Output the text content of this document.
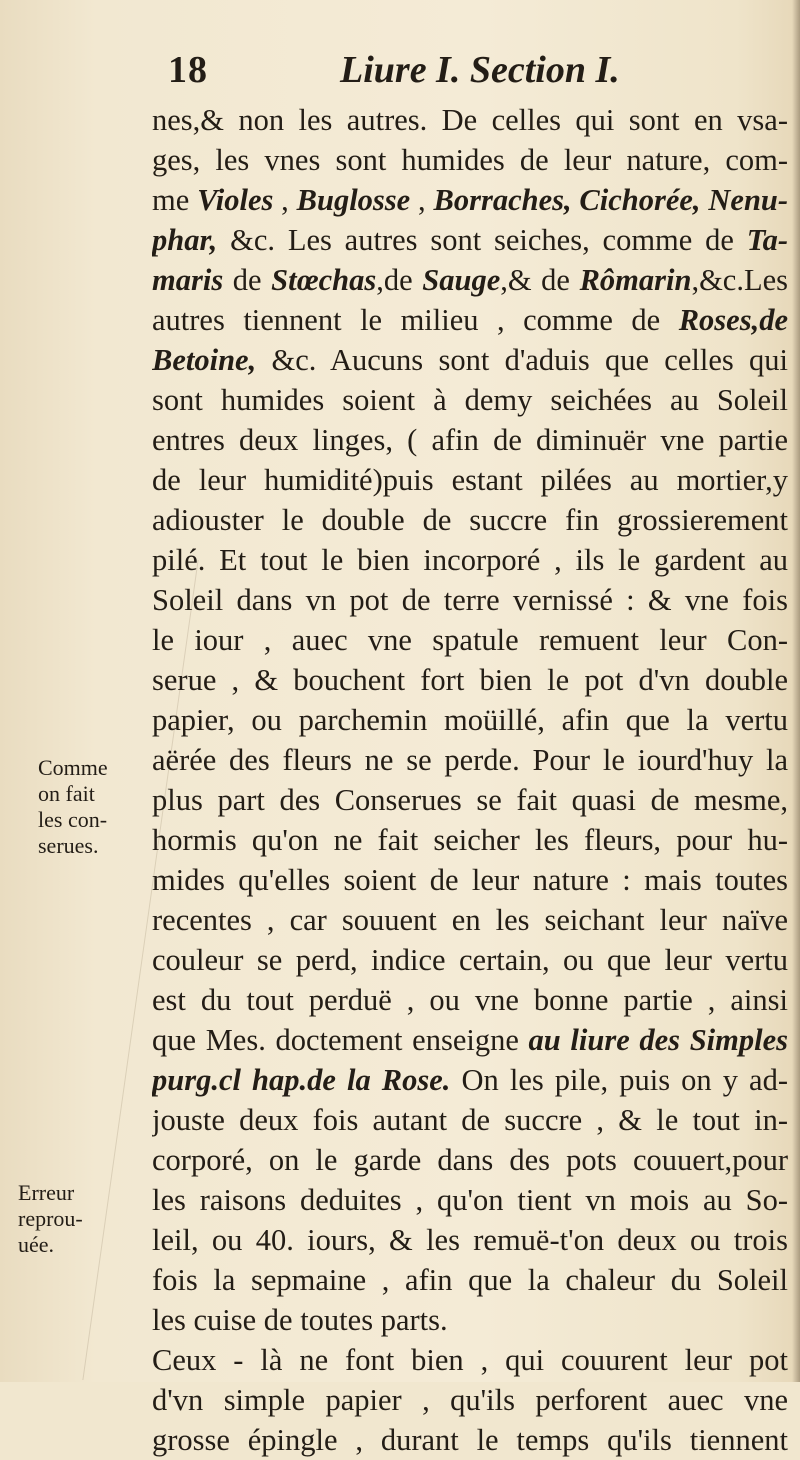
18	Liure I. Section I.
nes,& non les autres. De celles qui sont en vsa-
ges, les vnes sont humides de leur nature, com-
me Violes , Buglosse , Borraches, Cichorée, Nenu-
phar, &c. Les autres sont seiches, comme de Ta-
maris de Stœchas,de Sauge,& de Rômarin,&c.Les
autres tiennent le milieu , comme de Roses,de
Betoine, &c. Aucuns sont d'aduis que celles qui
sont humides soient à demy seichées au Soleil
entres deux linges, ( afin de diminuër vne partie
de leur humidité)puis estant pilées au mortier,y
adiouster le double de succre fin grossierement
pilé. Et tout le bien incorporé , ils le gardent au
Soleil dans vn pot de terre vernissé : & vne fois
le iour , auec vne spatule remuent leur Con-
serue , & bouchent fort bien le pot d'vn double
papier, ou parchemin moüillé, afin que la vertu
aërée des fleurs ne se perde. Pour le iourd'huy la
plus part des Conserues se fait quasi de mesme,
hormis qu'on ne fait seicher les fleurs, pour hu-
mides qu'elles soient de leur nature : mais toutes
recentes , car souuent en les seichant leur naïve
couleur se perd, indice certain, ou que leur vertu
est du tout perduë , ou vne bonne partie , ainsi
que Mes. doctement enseigne au liure des Simples
purg.cl hap.de la Rose. On les pile, puis on y ad-
jouste deux fois autant de succre , & le tout in-
corporé, on le garde dans des pots couuert,pour
les raisons deduites , qu'on tient vn mois au So-
leil, ou 40. iours, & les remuë-t'on deux ou trois
fois la sepmaine , afin que la chaleur du Soleil
les cuise de toutes parts.
Ceux - là ne font bien , qui couurent leur pot
d'vn simple papier , qu'ils perforent auec vne
grosse épingle , durant le temps qu'ils tiennent
Comme
on fait
les con-
serues.
Erreur
reprou-
uée.
